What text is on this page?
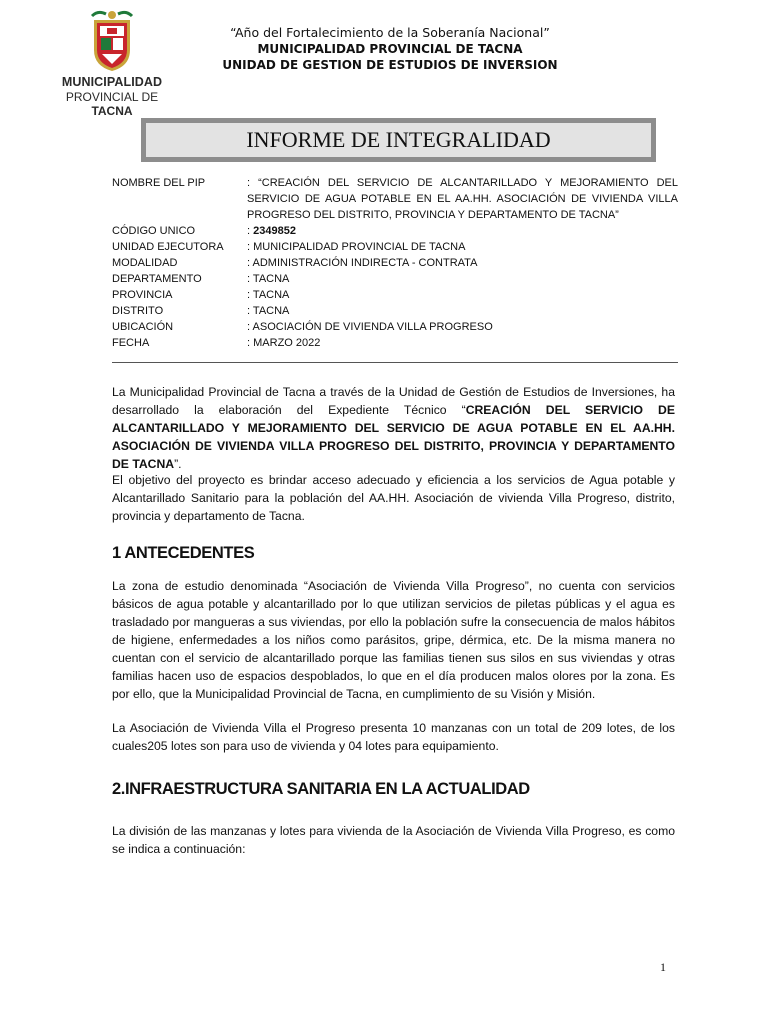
MUNICIPALIDAD
PROVINCIAL DE TACNA
“Año del Fortalecimiento de la Soberanía Nacional”
MUNICIPALIDAD PROVINCIAL DE TACNA
UNIDAD DE GESTION DE ESTUDIOS DE INVERSION
INFORME DE INTEGRALIDAD
NOMBRE DEL PIP	: “CREACIÓN DEL SERVICIO DE ALCANTARILLADO Y MEJORAMIENTO DEL SERVICIO DE AGUA POTABLE EN EL AA.HH. ASOCIACIÓN DE VIVIENDA VILLA PROGRESO DEL DISTRITO, PROVINCIA Y DEPARTAMENTO DE TACNA”
CÓDIGO UNICO	: 2349852
UNIDAD EJECUTORA : MUNICIPALIDAD PROVINCIAL DE TACNA
MODALIDAD	: ADMINISTRACIÓN INDIRECTA - CONTRATA
DEPARTAMENTO	: TACNA
PROVINCIA	: TACNA
DISTRITO	: TACNA
UBICACIÓN	: ASOCIACIÓN DE VIVIENDA VILLA PROGRESO
FECHA	: MARZO 2022
La Municipalidad Provincial de Tacna a través de la Unidad de Gestión de Estudios de Inversiones, ha desarrollado la elaboración del Expediente Técnico “CREACIÓN DEL SERVICIO DE ALCANTARILLADO Y MEJORAMIENTO DEL SERVICIO DE AGUA POTABLE EN EL AA.HH. ASOCIACIÓN DE VIVIENDA VILLA PROGRESO DEL DISTRITO, PROVINCIA Y DEPARTAMENTO DE TACNA”.
El objetivo del proyecto es brindar acceso adecuado y eficiencia a los servicios de Agua potable y Alcantarillado Sanitario para la población del AA.HH. Asociación de vivienda Villa Progreso, distrito, provincia y departamento de Tacna.
1 ANTECEDENTES
La zona de estudio denominada “Asociación de Vivienda Villa Progreso”, no cuenta con servicios básicos de agua potable y alcantarillado por lo que utilizan servicios de piletas públicas y el agua es trasladado por mangueras a sus viviendas, por ello la población sufre la consecuencia de malos hábitos de higiene, enfermedades a los niños como parásitos, gripe, dérmica, etc. De la misma manera no cuentan con el servicio de alcantarillado porque las familias tienen sus silos en sus viviendas y otras familias hacen uso de espacios despoblados, lo que en el día producen malos olores por la zona. Es por ello, que la Municipalidad Provincial de Tacna, en cumplimiento de su Visión y Misión.
La Asociación de Vivienda Villa el Progreso presenta 10 manzanas con un total de 209 lotes, de los cuales205 lotes son para uso de vivienda y 04 lotes para equipamiento.
2.INFRAESTRUCTURA SANITARIA EN LA ACTUALIDAD
La división de las manzanas y lotes para vivienda de la Asociación de Vivienda Villa Progreso, es como se indica a continuación:
1
